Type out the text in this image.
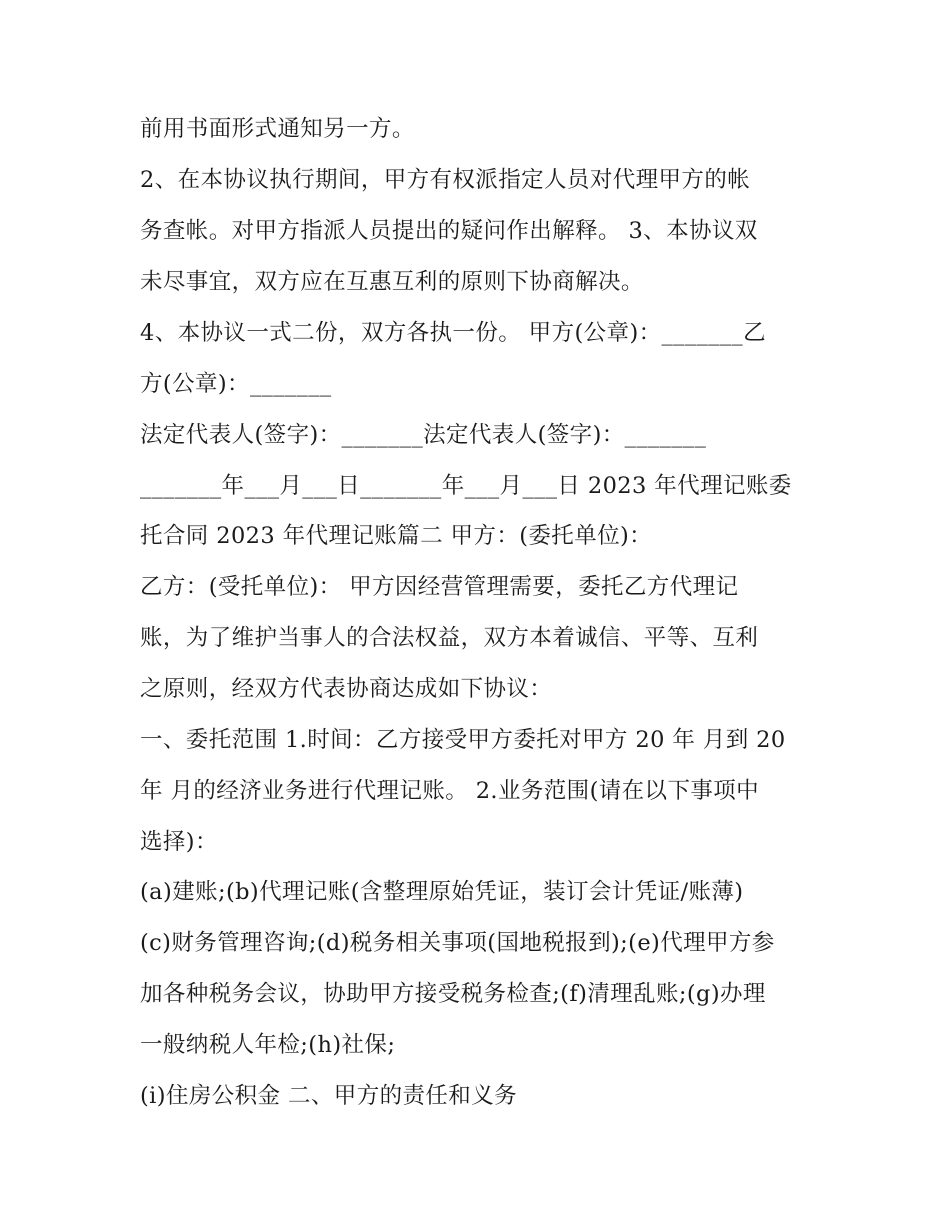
前用书面形式通知另一方。
2、在本协议执行期间，甲方有权派指定人员对代理甲方的帐
务查帐。对甲方指派人员提出的疑问作出解释。 3、本协议双
未尽事宜，双方应在互惠互利的原则下协商解决。
4、本协议一式二份，双方各执一份。 甲方(公章)：_______乙
方(公章)：_______
法定代表人(签字)：_______法定代表人(签字)：_______
_______年___月___日_______年___月___日 2023 年代理记账委
托合同 2023 年代理记账篇二 甲方：(委托单位)：
乙方：(受托单位)： 甲方因经营管理需要，委托乙方代理记
账，为了维护当事人的合法权益，双方本着诚信、平等、互利
之原则，经双方代表协商达成如下协议：
一、委托范围 1.时间：乙方接受甲方委托对甲方 20 年 月到 20
年 月的经济业务进行代理记账。 2.业务范围(请在以下事项中
选择)：
(a)建账;(b)代理记账(含整理原始凭证，装订会计凭证/账薄)
(c)财务管理咨询;(d)税务相关事项(国地税报到);(e)代理甲方参
加各种税务会议，协助甲方接受税务检查;(f)清理乱账;(g)办理
一般纳税人年检;(h)社保;
(i)住房公积金 二、甲方的责任和义务
